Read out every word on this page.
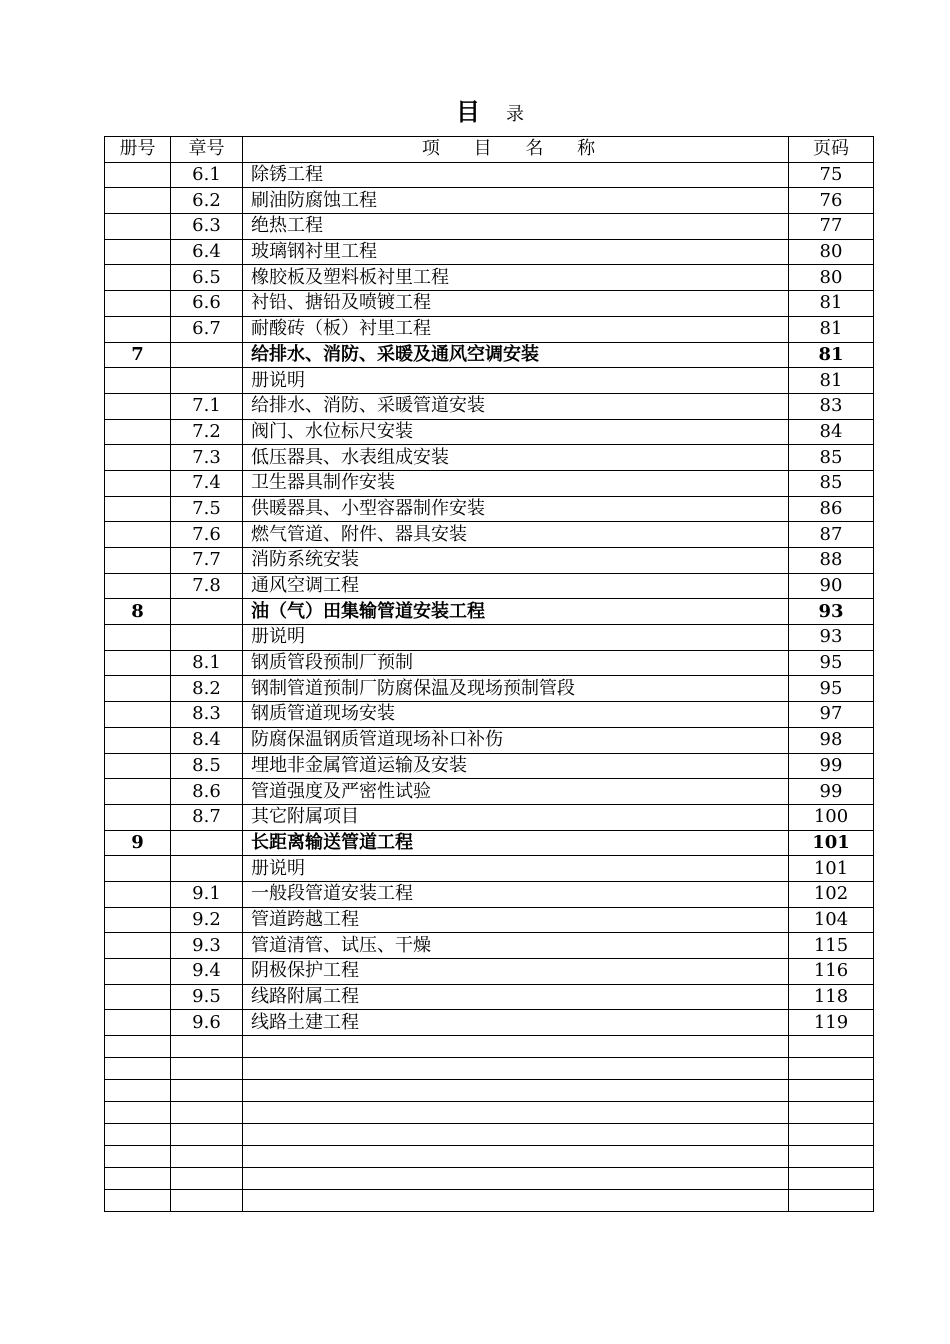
目 录
册号	章号	项 目 名 称	页码
	6.1	除锈工程	75
	6.2	刷油防腐蚀工程	76
	6.3	绝热工程	77
	6.4	玻璃钢衬里工程	80
	6.5	橡胶板及塑料板衬里工程	80
	6.6	衬铅、搪铅及喷镀工程	81
	6.7	耐酸砖（板）衬里工程	81
7		给排水、消防、采暖及通风空调安装	81
		册说明	81
	7.1	给排水、消防、采暖管道安装	83
	7.2	阀门、水位标尺安装	84
	7.3	低压器具、水表组成安装	85
	7.4	卫生器具制作安装	85
	7.5	供暖器具、小型容器制作安装	86
	7.6	燃气管道、附件、器具安装	87
	7.7	消防系统安装	88
	7.8	通风空调工程	90
8		油（气）田集输管道安装工程	93
		册说明	93
	8.1	钢质管段预制厂预制	95
	8.2	钢制管道预制厂防腐保温及现场预制管段	95
	8.3	钢质管道现场安装	97
	8.4	防腐保温钢质管道现场补口补伤	98
	8.5	埋地非金属管道运输及安装	99
	8.6	管道强度及严密性试验	99
	8.7	其它附属项目	100
9		长距离输送管道工程	101
		册说明	101
	9.1	一般段管道安装工程	102
	9.2	管道跨越工程	104
	9.3	管道清管、试压、干燥	115
	9.4	阴极保护工程	116
	9.5	线路附属工程	118
	9.6	线路土建工程	119
